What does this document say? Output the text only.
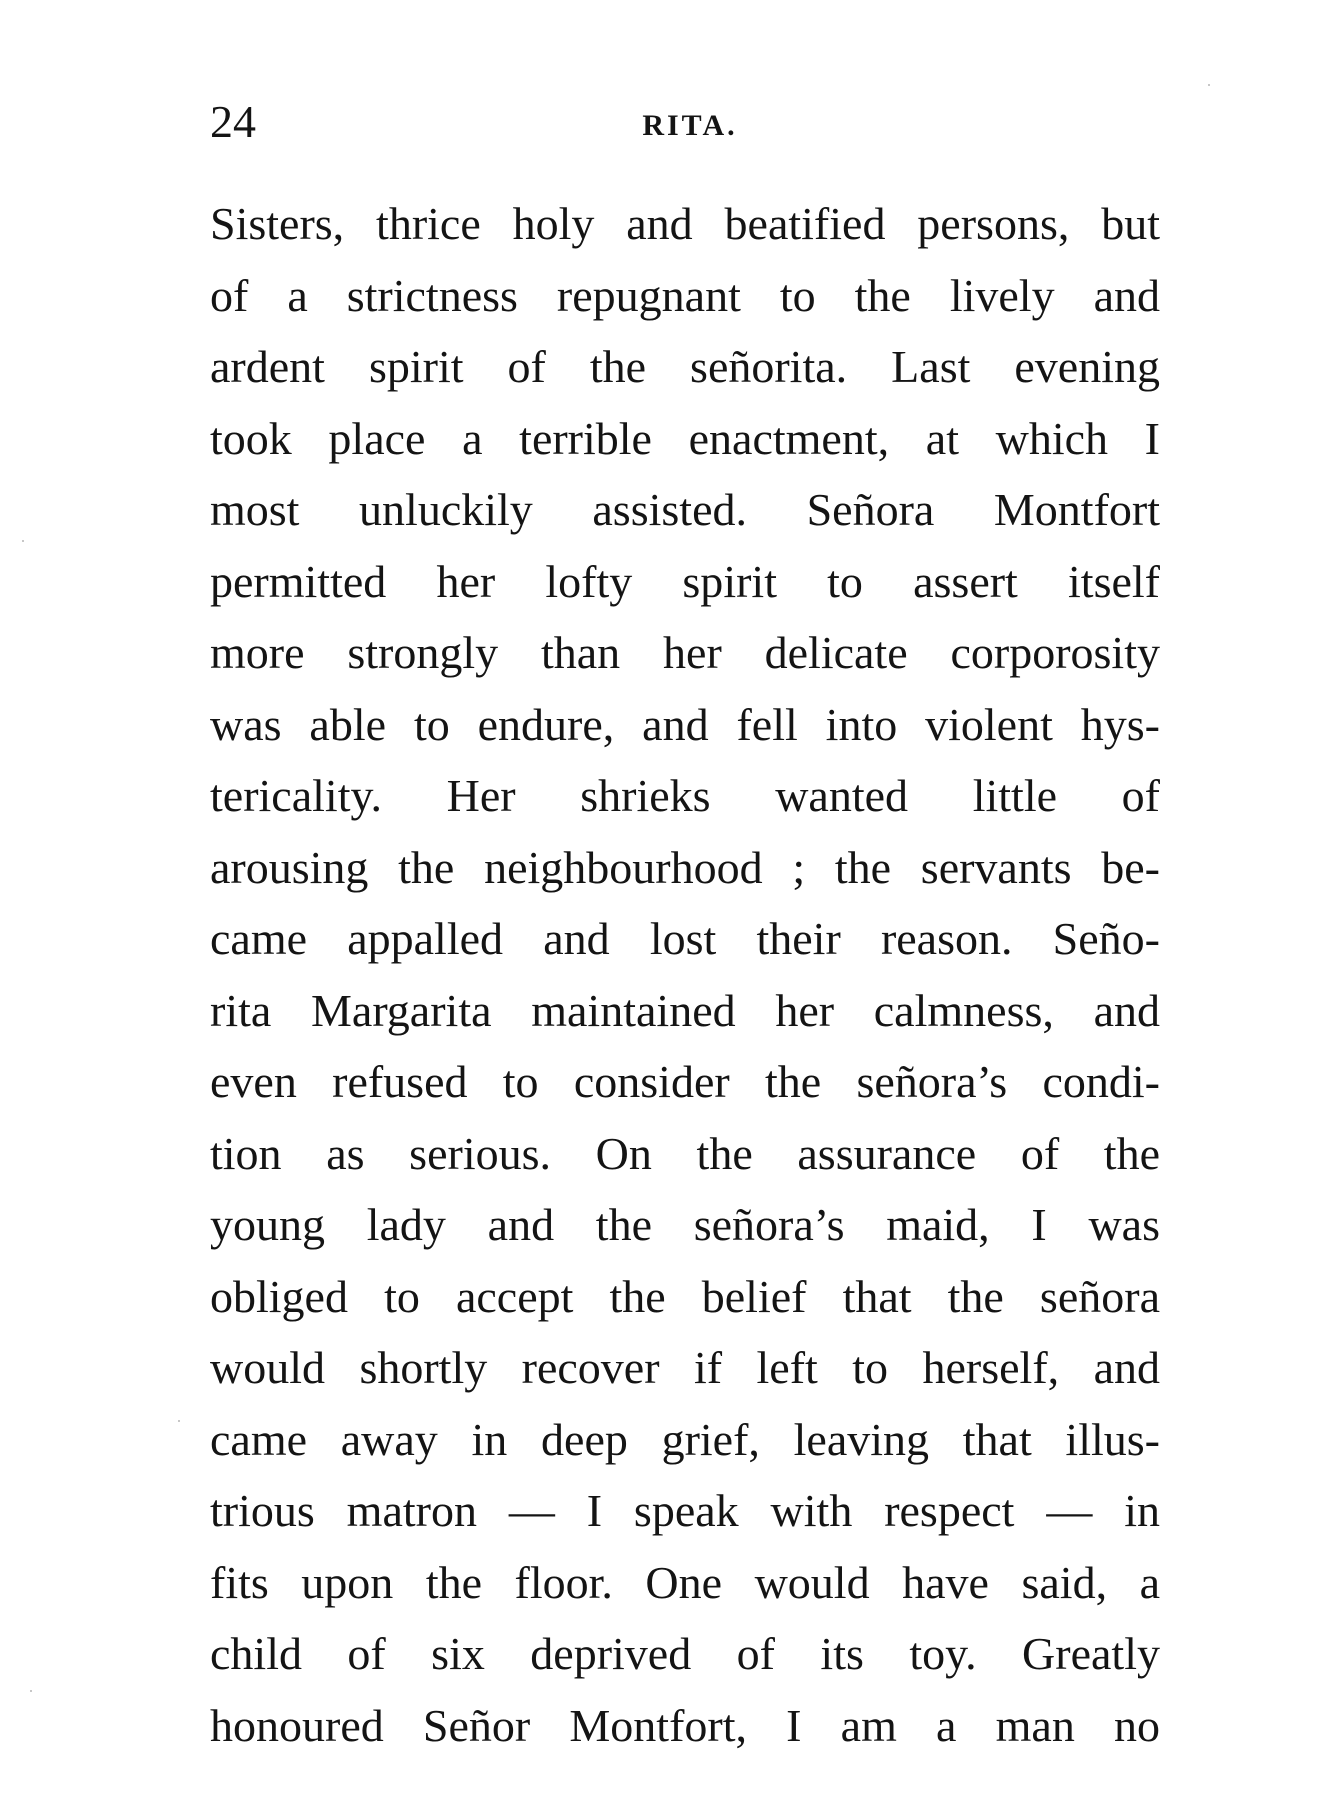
24	RITA.
Sisters, thrice holy and beatified persons, but
of a strictness repugnant to the lively and
ardent spirit of the señorita. Last evening
took place a terrible enactment, at which I
most unluckily assisted. Señora Montfort
permitted her lofty spirit to assert itself
more strongly than her delicate corporosity
was able to endure, and fell into violent hys-
tericality. Her shrieks wanted little of
arousing the neighbourhood ; the servants be-
came appalled and lost their reason. Seño-
rita Margarita maintained her calmness, and
even refused to consider the señora’s condi-
tion as serious. On the assurance of the
young lady and the señora’s maid, I was
obliged to accept the belief that the señora
would shortly recover if left to herself, and
came away in deep grief, leaving that illus-
trious matron — I speak with respect — in
fits upon the floor. One would have said, a
child of six deprived of its toy. Greatly
honoured Señor Montfort, I am a man no
